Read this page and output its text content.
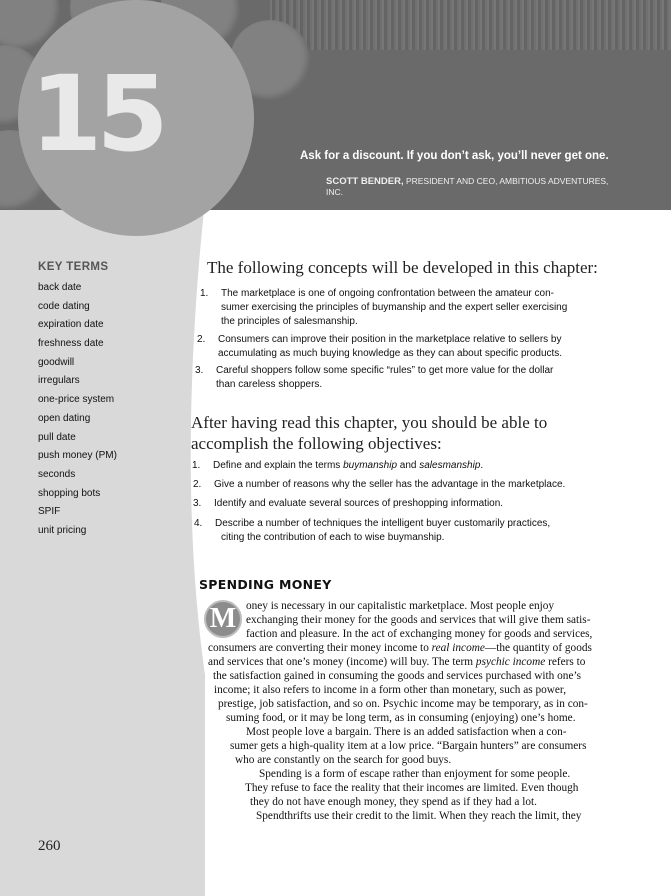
15	Ask for a discount. If you don’t ask, you’ll never get one.
SCOTT BENDER, PRESIDENT AND CEO, AMBITIOUS ADVENTURES, INC.
KEY TERMS
back date
code dating
expiration date
freshness date
goodwill
irregulars
one-price system
open dating
pull date
push money (PM)
seconds
shopping bots
SPIF
unit pricing
260
The following concepts will be developed in this chapter:
1. The marketplace is one of ongoing confrontation between the amateur con-
sumer exercising the principles of buymanship and the expert seller exercising
the principles of salesmanship.
2. Consumers can improve their position in the marketplace relative to sellers by
accumulating as much buying knowledge as they can about specific products.
3. Careful shoppers follow some specific “rules” to get more value for the dollar
than careless shoppers.
After having read this chapter, you should be able to
accomplish the following objectives:
1. Define and explain the terms buymanship and salesmanship.
2. Give a number of reasons why the seller has the advantage in the marketplace.
3. Identify and evaluate several sources of preshopping information.
4. Describe a number of techniques the intelligent buyer customarily practices,
citing the contribution of each to wise buymanship.
SPENDING MONEY
M oney is necessary in our capitalistic marketplace. Most people enjoy
exchanging their money for the goods and services that will give them satis-
faction and pleasure. In the act of exchanging money for goods and services,
consumers are converting their money income to real income—the quantity of goods
and services that one’s money (income) will buy. The term psychic income refers to
the satisfaction gained in consuming the goods and services purchased with one’s
income; it also refers to income in a form other than monetary, such as power,
prestige, job satisfaction, and so on. Psychic income may be temporary, as in con-
suming food, or it may be long term, as in consuming (enjoying) one’s home.
Most people love a bargain. There is an added satisfaction when a con-
sumer gets a high-quality item at a low price. “Bargain hunters” are consumers
who are constantly on the search for good buys.
Spending is a form of escape rather than enjoyment for some people.
They refuse to face the reality that their incomes are limited. Even though
they do not have enough money, they spend as if they had a lot.
Spendthrifts use their credit to the limit. When they reach the limit, they
